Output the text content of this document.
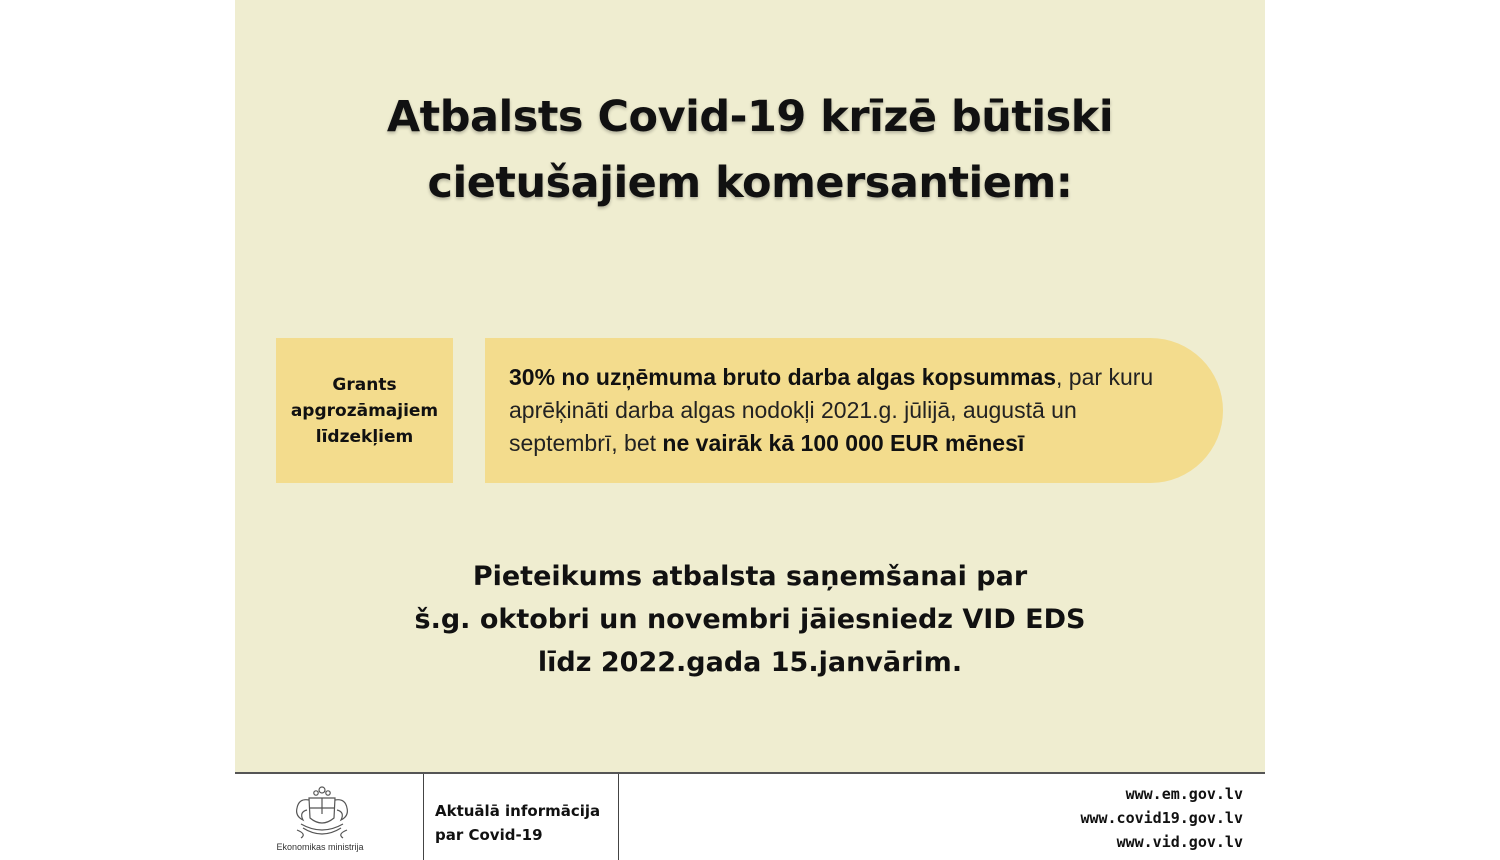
Atbalsts Covid-19 krīzē būtiski
cietušajiem komersantiem:
Grants
apgrozāmajiem
līdzekļiem
30% no uzņēmuma bruto darba algas kopsummas, par kuru aprēķināti darba algas nodokļi 2021.g. jūlijā, augustā un septembrī, bet ne vairāk kā 100 000 EUR mēnesī
Pieteikums atbalsta saņemšanai par
š.g. oktobri un novembri jāiesniedz VID EDS
līdz 2022.gada 15.janvārim.
Ekonomikas ministrija
Aktuālā informācija
par Covid-19
www.em.gov.lv
www.covid19.gov.lv
www.vid.gov.lv
